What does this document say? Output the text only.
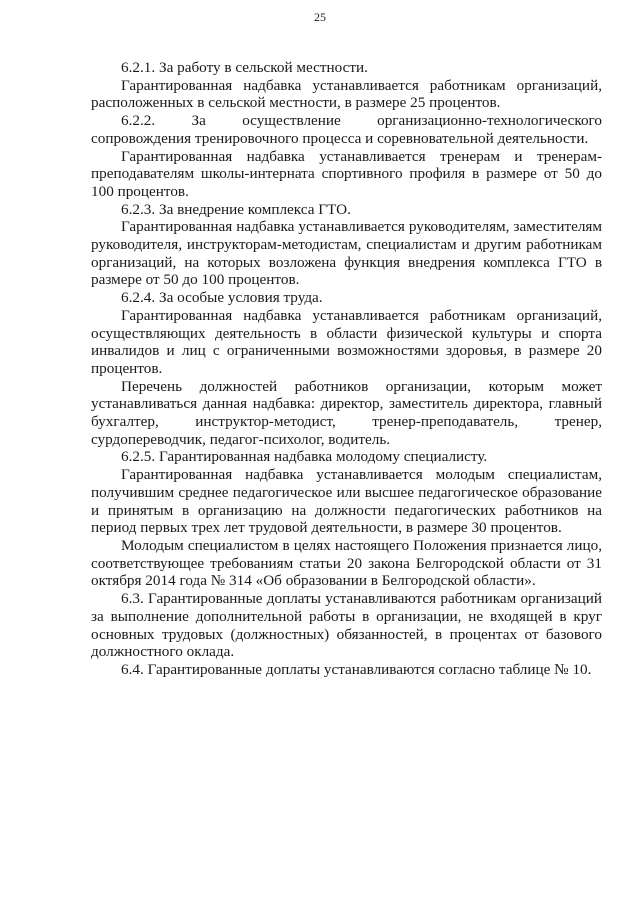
25

6.2.1. За работу в сельской местности.

Гарантированная надбавка устанавливается работникам организаций, расположенных в сельской местности, в размере 25 процентов.

6.2.2. За осуществление организационно-технологического сопровождения тренировочного процесса и соревновательной деятельности.

Гарантированная надбавка устанавливается тренерам и тренерам-преподавателям школы-интерната спортивного профиля в размере от 50 до 100 процентов.

6.2.3. За внедрение комплекса ГТО.

Гарантированная надбавка устанавливается руководителям, заместителям руководителя, инструкторам-методистам, специалистам и другим работникам организаций, на которых возложена функция внедрения комплекса ГТО в размере от 50 до 100 процентов.

6.2.4. За особые условия труда.

Гарантированная надбавка устанавливается работникам организаций, осуществляющих деятельность в области физической культуры и спорта инвалидов и лиц с ограниченными возможностями здоровья, в размере 20 процентов.

Перечень должностей работников организации, которым может устанавливаться данная надбавка: директор, заместитель директора, главный бухгалтер, инструктор-методист, тренер-преподаватель, тренер, сурдопереводчик, педагог-психолог, водитель.

6.2.5. Гарантированная надбавка молодому специалисту.

Гарантированная надбавка устанавливается молодым специалистам, получившим среднее педагогическое или высшее педагогическое образование и принятым в организацию на должности педагогических работников на период первых трех лет трудовой деятельности, в размере 30 процентов.

Молодым специалистом в целях настоящего Положения признается лицо, соответствующее требованиям статьи 20 закона Белгородской области от 31 октября 2014 года № 314 «Об образовании в Белгородской области».

6.3. Гарантированные доплаты устанавливаются работникам организаций за выполнение дополнительной работы в организации, не входящей в круг основных трудовых (должностных) обязанностей, в процентах от базового должностного оклада.

6.4. Гарантированные доплаты устанавливаются согласно таблице № 10.
